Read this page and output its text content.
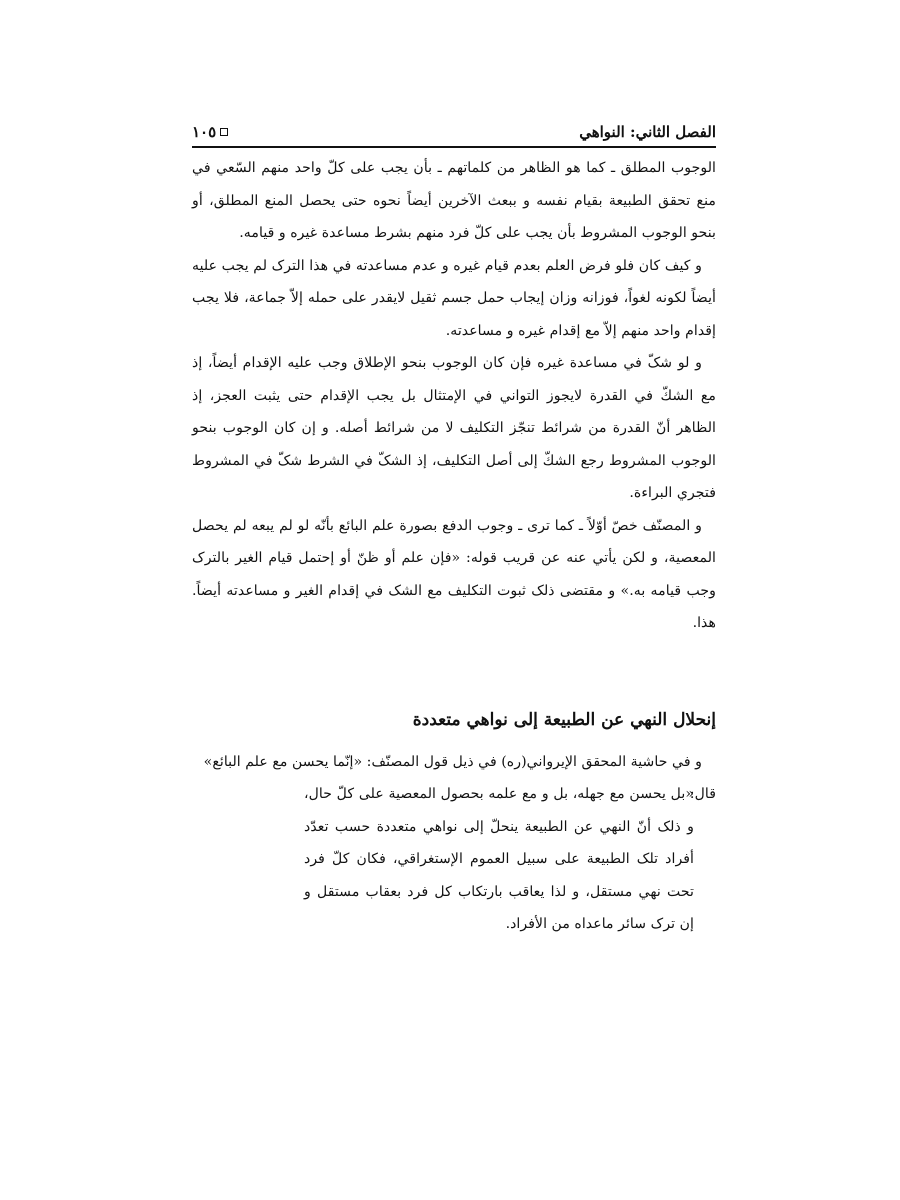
الفصل الثاني: النواهي
١٠٥

الوجوب المطلق ـ كما هو الظاهر من كلماتهم ـ بأن يجب على كلّ واحد منهم السّعي في منع تحقق الطبيعة بقيام نفسه و ببعث الآخرين أيضاً نحوه حتى يحصل المنع المطلق، أو بنحو الوجوب المشروط بأن يجب على كلّ فرد منهم بشرط مساعدة غيره و قيامه.

و كيف كان فلو فرض العلم بعدم قيام غيره و عدم مساعدته في هذا الترک لم يجب عليه أيضاً لكونه لغواً، فوزانه وزان إيجاب حمل جسم ثقيل لايقدر على حمله إلاّ جماعة، فلا يجب إقدام واحد منهم إلاّ مع إقدام غيره و مساعدته.

و لو شکّ في مساعدة غيره فإن كان الوجوب بنحو الإطلاق وجب عليه الإقدام أيضاً، إذ مع الشكّ في القدرة لايجوز التواني في الإمتثال بل يجب الإقدام حتى يثبت العجز، إذ الظاهر أنّ القدرة من شرائط تنجّز التكليف لا من شرائط أصله. و إن كان الوجوب بنحو الوجوب المشروط رجع الشكّ إلى أصل التكليف، إذ الشکّ في الشرط شکّ في المشروط فتجري البراءة.

و المصنّف خصّ أوّلاً ـ كما ترى ـ وجوب الدفع بصورة علم البائع بأنّه لو لم يبعه لم يحصل المعصية، و لكن يأتي عنه عن قريب قوله: «فإن علم أو ظنّ أو إحتمل قيام الغير بالترک وجب قيامه به.» و مقتضى ذلک ثبوت التكليف مع الشک في إقدام الغير و مساعدته أيضاً. هذا.

إنحلال النهي عن الطبيعة إلى نواهي متعددة
و في حاشية المحقق الإيرواني(ره) في ذيل قول المصنّف: «إنّما يحسن مع علم البائع» قال:

«بل يحسن مع جهله، بل و مع علمه بحصول المعصية على كلّ حال، و ذلک أنّ النهي عن الطبيعة ينحلّ إلى نواهي متعددة حسب تعدّد أفراد تلک الطبيعة على سبيل العموم الإستغراقي، فكان كلّ فرد تحت نهي مستقل، و لذا يعاقب بارتكاب كل فرد بعقاب مستقل و إن ترک سائر ماعداه من الأفراد.
